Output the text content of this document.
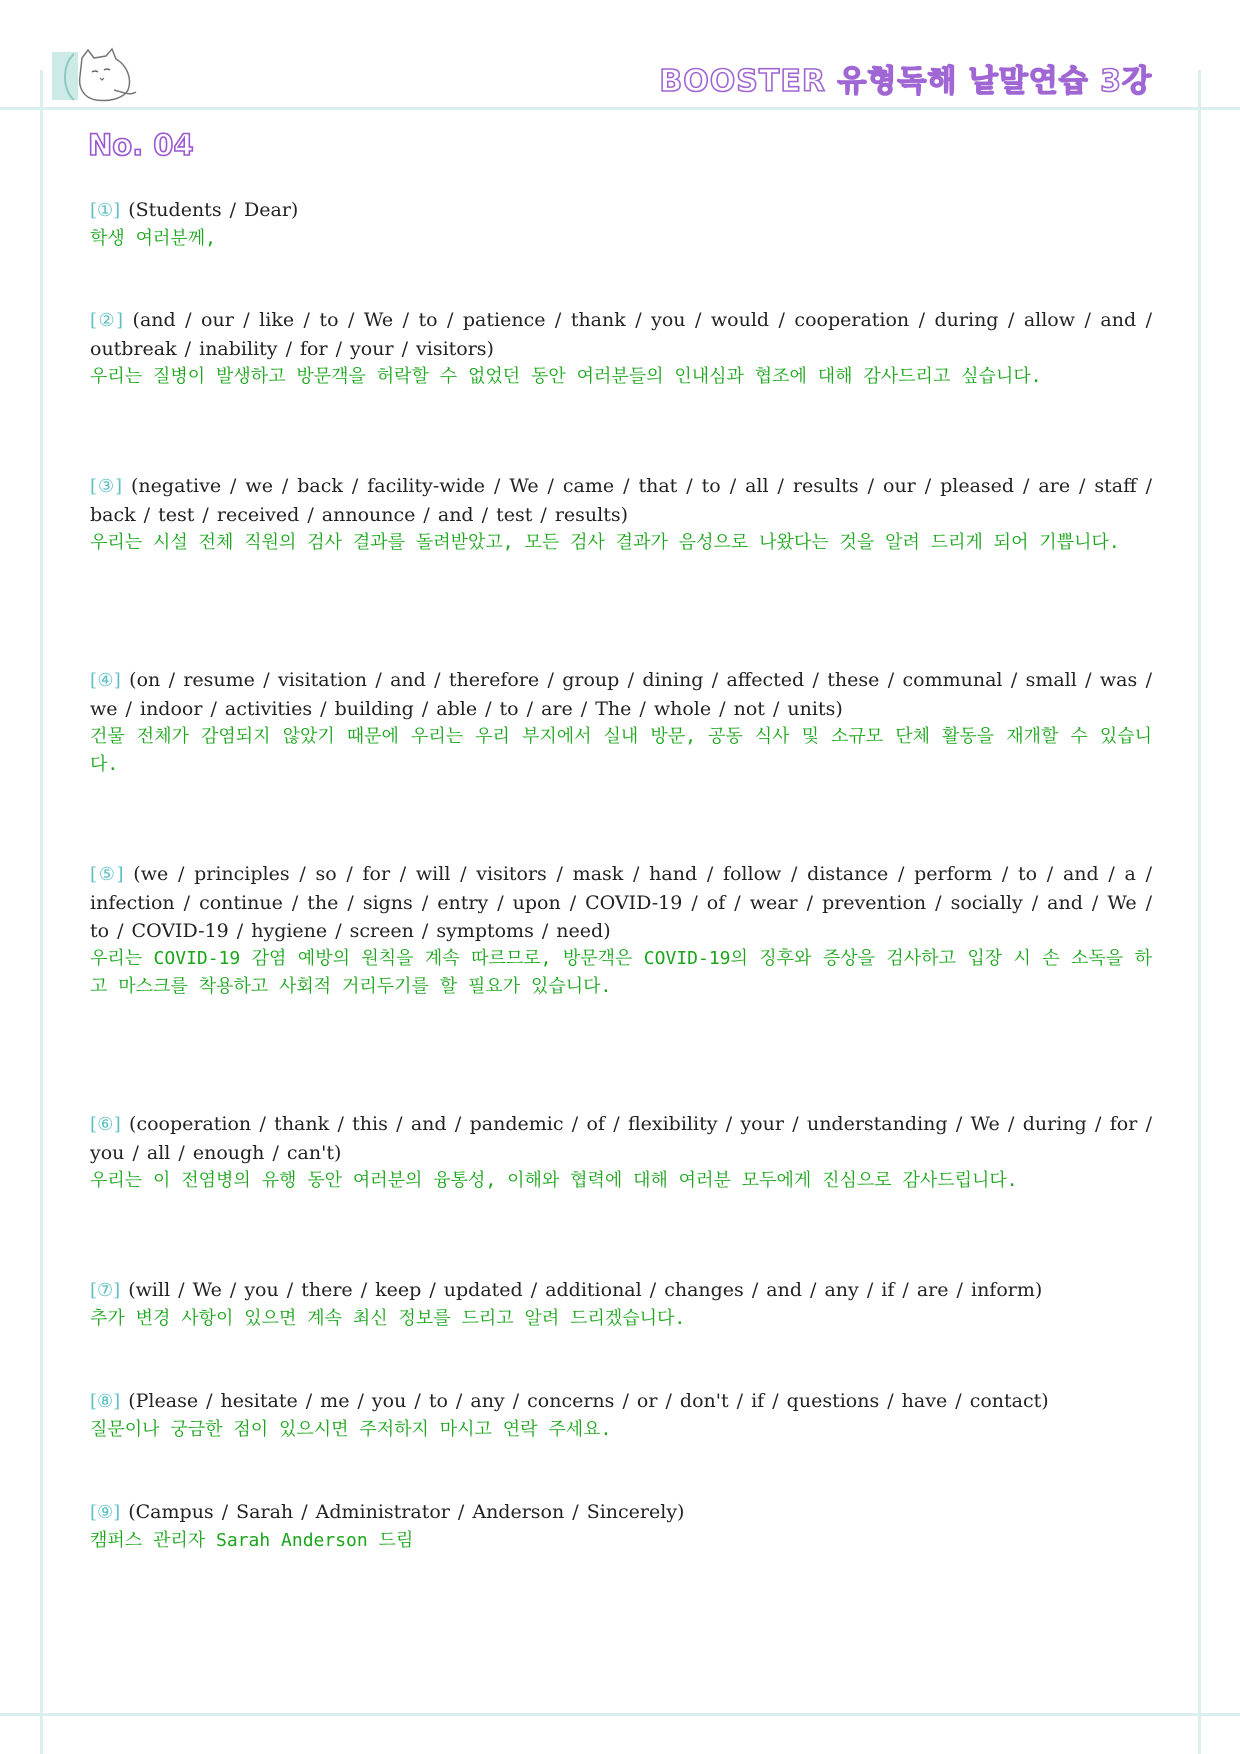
BOOSTER 유형독해 낱말연습 3강
No. 04

[①] (Students / Dear)

학생 여러분께,

[②] (and / our / like / to / We / to / patience / thank / you / would / cooperation / during / allow / and / outbreak / inability / for / your / visitors)

우리는 질병이 발생하고 방문객을 허락할 수 없었던 동안 여러분들의 인내심과 협조에 대해 감사드리고 싶습니다.

[③] (negative / we / back / facility-wide / We / came / that / to / all / results / our / pleased / are / staff / back / test / received / announce / and / test / results)

우리는 시설 전체 직원의 검사 결과를 돌려받았고, 모든 검사 결과가 음성으로 나왔다는 것을 알려 드리게 되어 기쁩니다.

[④] (on / resume / visitation / and / therefore / group / dining / affected / these / communal / small / was / we / indoor / activities / building / able / to / are / The / whole / not / units)

건물 전체가 감염되지 않았기 때문에 우리는 우리 부지에서 실내 방문, 공동 식사 및 소규모 단체 활동을 재개할 수 있습니다.

[⑤] (we / principles / so / for / will / visitors / mask / hand / follow / distance / perform / to / and / a / infection / continue / the / signs / entry / upon / COVID-19 / of / wear / prevention / socially / and / We / to / COVID-19 / hygiene / screen / symptoms / need)

우리는 COVID-19 감염 예방의 원칙을 계속 따르므로, 방문객은 COVID-19의 징후와 증상을 검사하고 입장 시 손 소독을 하고 마스크를 착용하고 사회적 거리두기를 할 필요가 있습니다.

[⑥] (cooperation / thank / this / and / pandemic / of / flexibility / your / understanding / We / during / for / you / all / enough / can't)

우리는 이 전염병의 유행 동안 여러분의 융통성, 이해와 협력에 대해 여러분 모두에게 진심으로 감사드립니다.

[⑦] (will / We / you / there / keep / updated / additional / changes / and / any / if / are / inform)

추가 변경 사항이 있으면 계속 최신 정보를 드리고 알려 드리겠습니다.

[⑧] (Please / hesitate / me / you / to / any / concerns / or / don't / if / questions / have / contact)

질문이나 궁금한 점이 있으시면 주저하지 마시고 연락 주세요.

[⑨] (Campus / Sarah / Administrator / Anderson / Sincerely)

캠퍼스 관리자 Sarah Anderson 드림
